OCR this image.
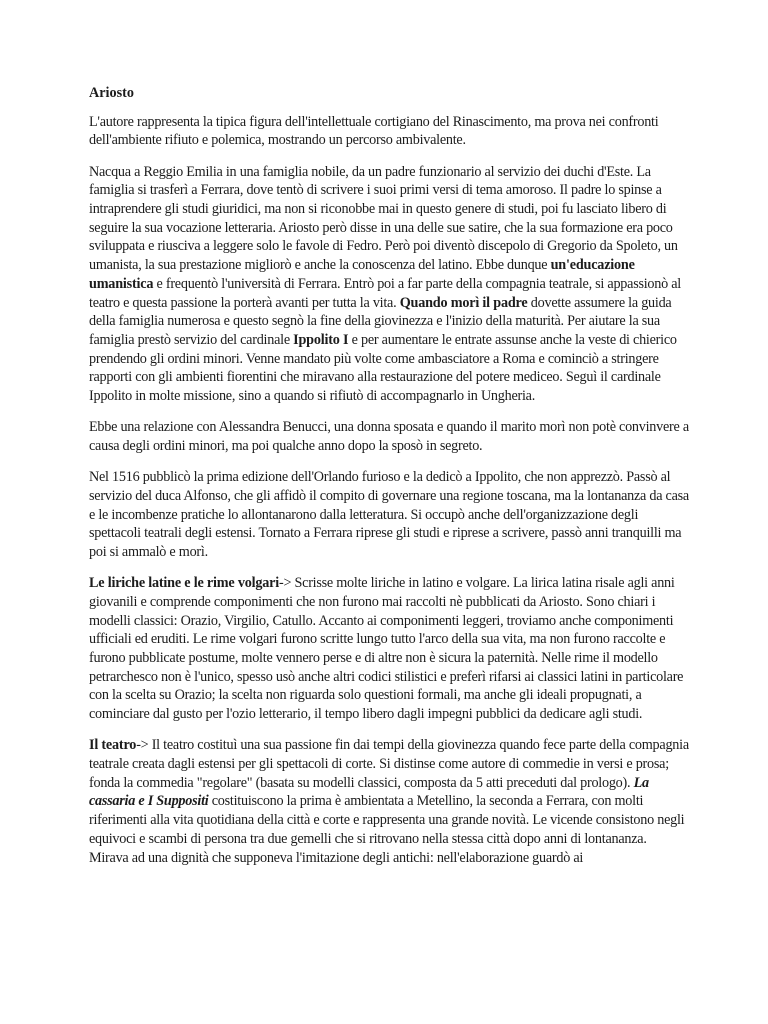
Ariosto

L'autore rappresenta la tipica figura dell'intellettuale cortigiano del Rinascimento, ma prova nei confronti dell'ambiente rifiuto e polemica, mostrando un percorso ambivalente.

Nacqua a Reggio Emilia in una famiglia nobile, da un padre funzionario al servizio dei duchi d'Este. La famiglia si trasferì a Ferrara, dove tentò di scrivere i suoi primi versi di tema amoroso. Il padre lo spinse a intraprendere gli studi giuridici, ma non si riconobbe mai in questo genere di studi, poi fu lasciato libero di seguire la sua vocazione letteraria. Ariosto però disse in una delle sue satire, che la sua formazione era poco sviluppata e riusciva a leggere solo le favole di Fedro. Però poi diventò discepolo di Gregorio da Spoleto, un umanista, la sua prestazione migliorò e anche la conoscenza del latino. Ebbe dunque un'educazione umanistica e frequentò l'università di Ferrara. Entrò poi a far parte della compagnia teatrale, si appassionò al teatro e questa passione la porterà avanti per tutta la vita. Quando morì il padre dovette assumere la guida della famiglia numerosa e questo segnò la fine della giovinezza e l'inizio della maturità. Per aiutare la sua famiglia prestò servizio del cardinale Ippolito I e per aumentare le entrate assunse anche la veste di chierico prendendo gli ordini minori. Venne mandato più volte come ambasciatore a Roma e cominciò a stringere rapporti con gli ambienti fiorentini che miravano alla restaurazione del potere mediceo. Seguì il cardinale Ippolito in molte missione, sino a quando si rifiutò di accompagnarlo in Ungheria.

Ebbe una relazione con Alessandra Benucci, una donna sposata e quando il marito morì non potè convinvere a causa degli ordini minori, ma poi qualche anno dopo la sposò in segreto.

Nel 1516 pubblicò la prima edizione dell'Orlando furioso e la dedicò a Ippolito, che non apprezzò. Passò al servizio del duca Alfonso, che gli affidò il compito di governare una regione toscana, ma la lontananza da casa e le incombenze pratiche lo allontanarono dalla letteratura. Si occupò anche dell'organizzazione degli spettacoli teatrali degli estensi. Tornato a Ferrara riprese gli studi e riprese a scrivere, passò anni tranquilli ma poi si ammalò e morì.

Le liriche latine e le rime volgari-> Scrisse molte liriche in latino e volgare. La lirica latina risale agli anni giovanili e comprende componimenti che non furono mai raccolti nè pubblicati da Ariosto. Sono chiari i modelli classici: Orazio, Virgilio, Catullo. Accanto ai componimenti leggeri, troviamo anche componimenti ufficiali ed eruditi. Le rime volgari furono scritte lungo tutto l'arco della sua vita, ma non furono raccolte e furono pubblicate postume, molte vennero perse e di altre non è sicura la paternità. Nelle rime il modello petrarchesco non è l'unico, spesso usò anche altri codici stilistici e preferì rifarsi ai classici latini in particolare con la scelta su Orazio; la scelta non riguarda solo questioni formali, ma anche gli ideali propugnati, a cominciare dal gusto per l'ozio letterario, il tempo libero dagli impegni pubblici da dedicare agli studi.

Il teatro-> Il teatro costituì una sua passione fin dai tempi della giovinezza quando fece parte della compagnia teatrale creata dagli estensi per gli spettacoli di corte. Si distinse come autore di commedie in versi e prosa; fonda la commedia "regolare" (basata su modelli classici, composta da 5 atti preceduti dal prologo). La cassaria e I Suppositi costituiscono la prima è ambientata a Metellino, la seconda a Ferrara, con molti riferimenti alla vita quotidiana della città e corte e rappresenta una grande novità. Le vicende consistono negli equivoci e scambi di persona tra due gemelli che si ritrovano nella stessa città dopo anni di lontananza. Mirava ad una dignità che supponeva l'imitazione degli antichi: nell'elaborazione guardò ai
